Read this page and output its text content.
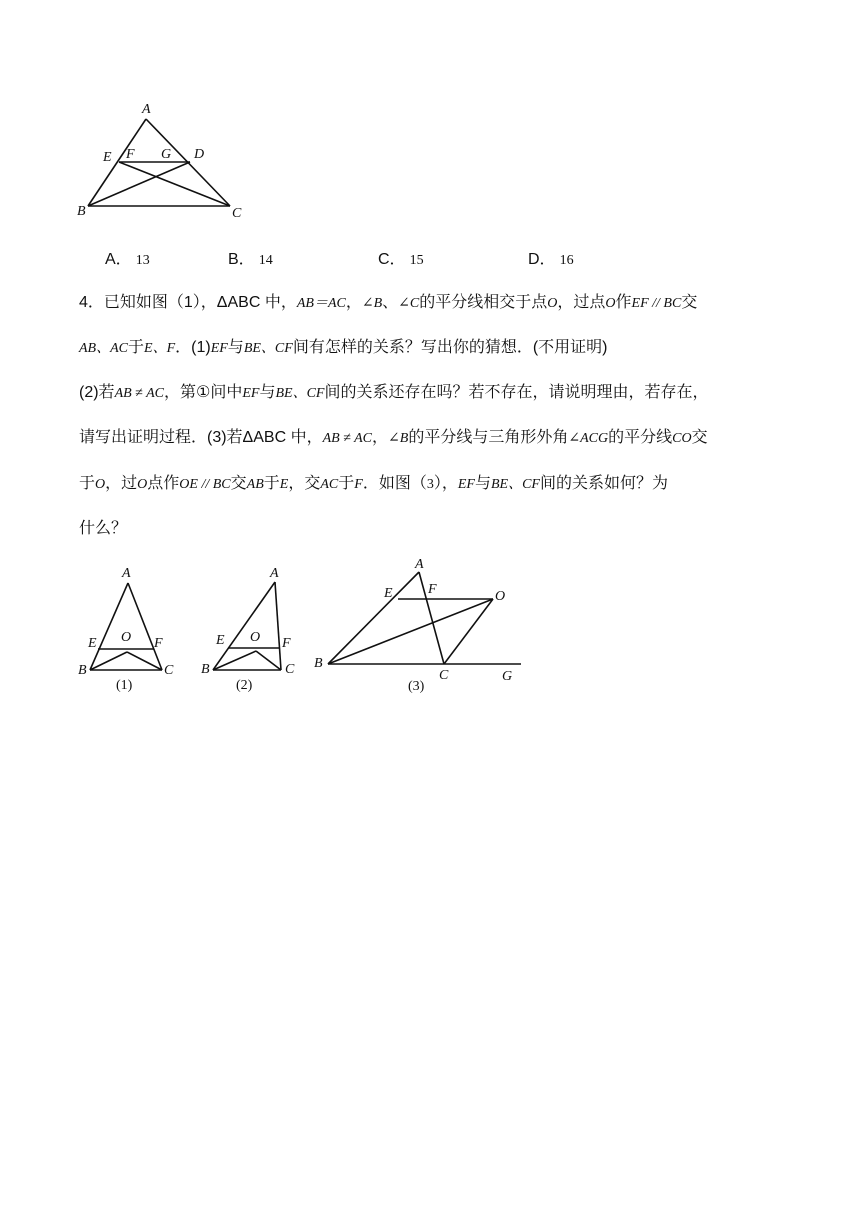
A
E F G D
B	C
A． 13	B． 14	C． 15	D． 16
4．已知如图（1），ΔABC 中，AB＝AC，∠B、∠C的平分线相交于点O，过点O作EF // BC交
AB、AC于E、F．(1)EF与BE、CF间有怎样的关系？写出你的猜想．(不用证明)
(2)若AB ≠ AC，第①问中EF与BE、CF间的关系还存在吗？若不存在，请说明理由，若存在，
请写出证明过程．(3)若ΔABC 中，AB ≠ AC，∠B的平分线与三角形外角∠ACG的平分线CO交
于O，过O点作OE // BC交AB于E，交AC于F．如图（3），EF与BE、CF间的关系如何？为
什么？
A
E O F
B	C
(1)
A
E O F
B	C
(2)
A
E	F	O
B
C	G
(3)
